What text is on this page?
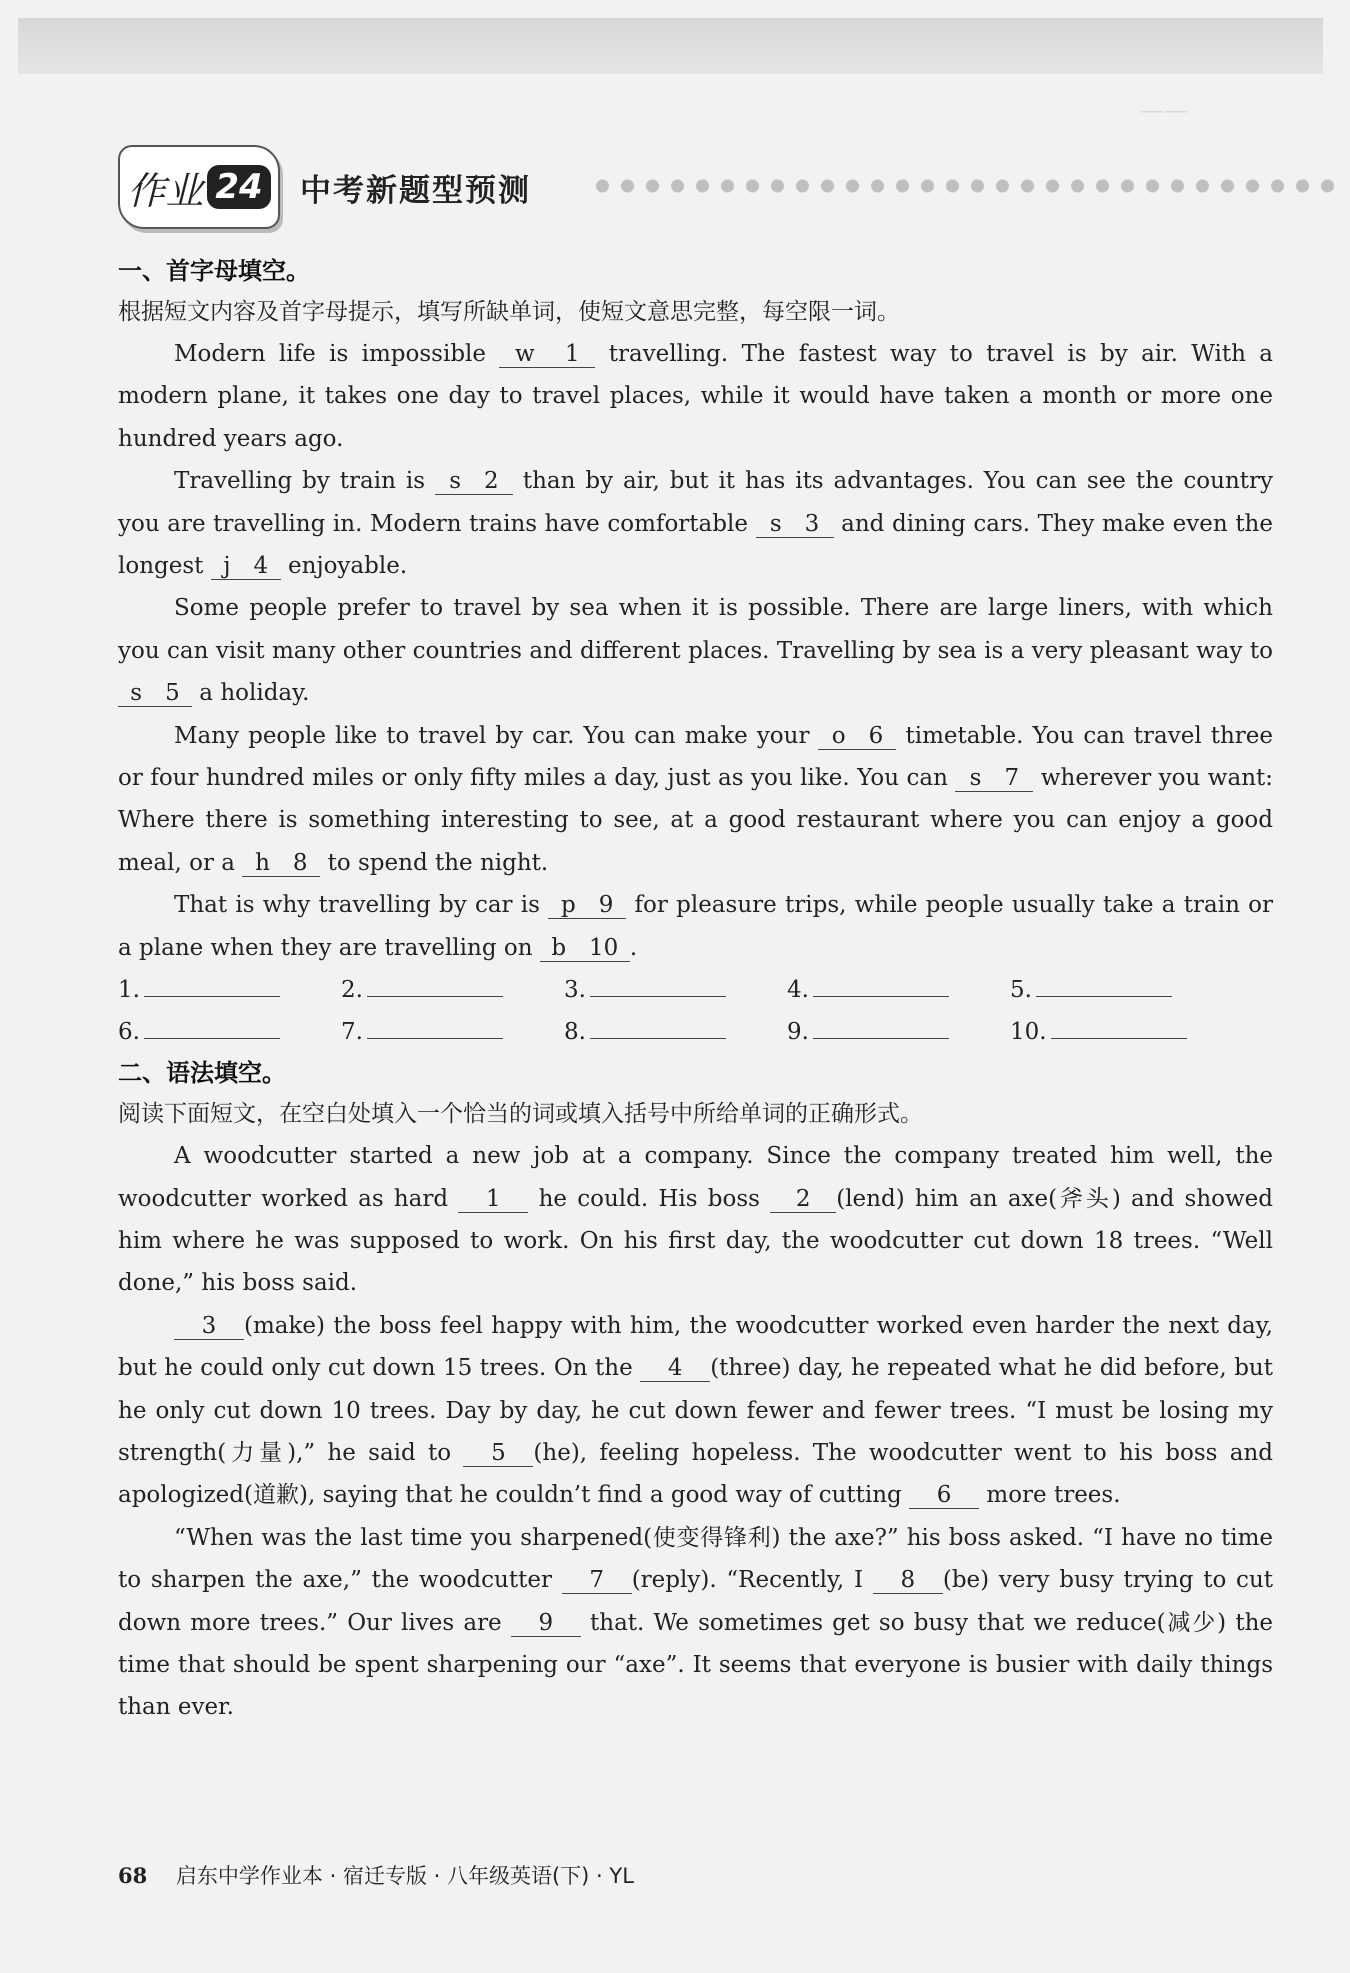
——
作业 24 中考新题型预测

一、首字母填空。

根据短文内容及首字母提示，填写所缺单词，使短文意思完整，每空限一词。

Modern life is impossible w　 1 travelling. The fastest way to travel is by air. With a modern plane, it takes one day to travel places, while it would have taken a month or more one hundred years ago.

Travelling by train is s　2 than by air, but it has its advantages. You can see the country you are travelling in. Modern trains have comfortable s　3 and dining cars. They make even the longest j　4 enjoyable.

Some people prefer to travel by sea when it is possible. There are large liners, with which you can visit many other countries and different places. Travelling by sea is a very pleasant way to s　5 a holiday.

Many people like to travel by car. You can make your o　6 timetable. You can travel three or four hundred miles or only fifty miles a day, just as you like. You can s　7 wherever you want: Where there is something interesting to see, at a good restaurant where you can enjoy a good meal, or a h　8 to spend the night.

That is why travelling by car is p　9 for pleasure trips, while people usually take a train or a plane when they are travelling on b　10 .

1.	2.	3.	4.	5.
6.	7.	8.	9.	10.

二、语法填空。

阅读下面短文，在空白处填入一个恰当的词或填入括号中所给单词的正确形式。

A woodcutter started a new job at a company. Since the company treated him well, the woodcutter worked as hard 1 he could. His boss 2 (lend) him an axe(斧头) and showed him where he was supposed to work. On his first day, the woodcutter cut down 18 trees. “Well done,” his boss said.

3 (make) the boss feel happy with him, the woodcutter worked even harder the next day, but he could only cut down 15 trees. On the 4 (three) day, he repeated what he did before, but he only cut down 10 trees. Day by day, he cut down fewer and fewer trees. “I must be losing my strength(力量),” he said to 5 (he), feeling hopeless. The woodcutter went to his boss and apologized(道歉), saying that he couldn’t find a good way of cutting 6 more trees.

“When was the last time you sharpened(使变得锋利) the axe?” his boss asked. “I have no time to sharpen the axe,” the woodcutter 7 (reply). “Recently, I 8 (be) very busy trying to cut down more trees.” Our lives are 9 that. We sometimes get so busy that we reduce(减少) the time that should be spent sharpening our “axe”. It seems that everyone is busier with daily things than ever.

68 启东中学作业本 · 宿迁专版 · 八年级英语(下) · YL
